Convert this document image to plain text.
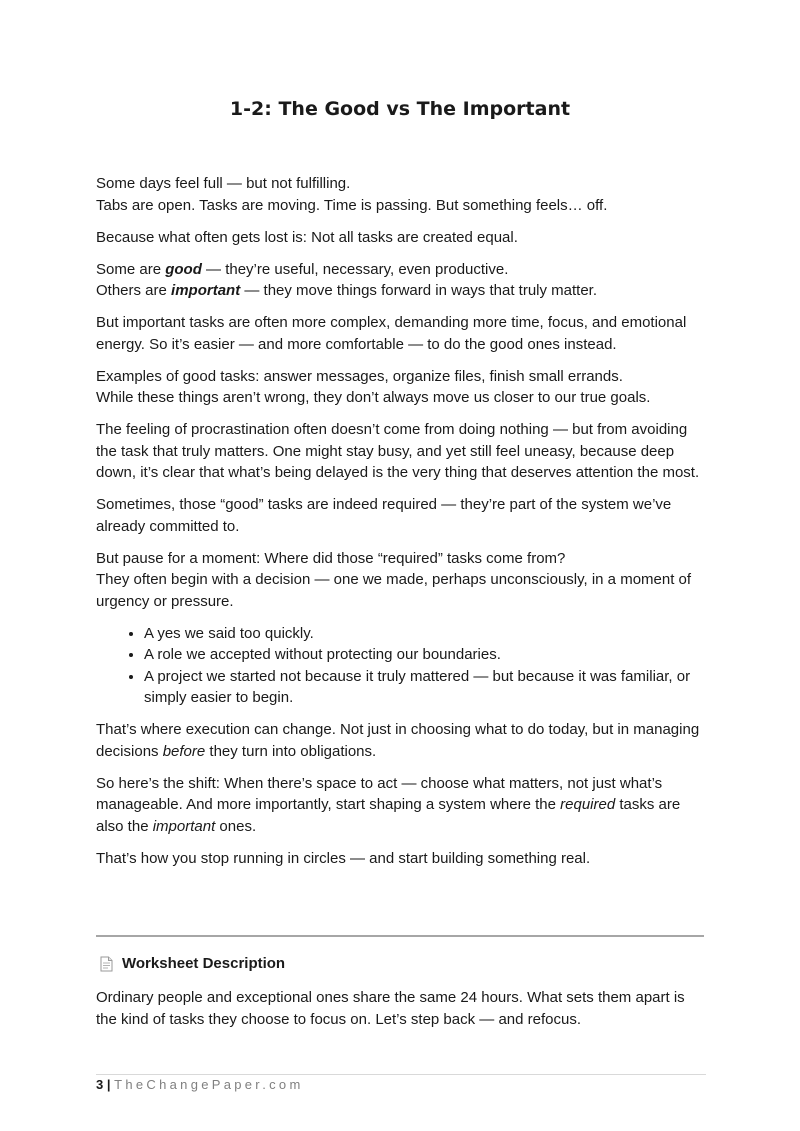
1-2: The Good vs The Important

Some days feel full — but not fulfilling.
Tabs are open. Tasks are moving. Time is passing. But something feels… off.

Because what often gets lost is: Not all tasks are created equal.

Some are good — they’re useful, necessary, even productive.
Others are important — they move things forward in ways that truly matter.

But important tasks are often more complex, demanding more time, focus, and emotional energy. So it’s easier — and more comfortable — to do the good ones instead.

Examples of good tasks: answer messages, organize files, finish small errands.
While these things aren’t wrong, they don’t always move us closer to our true goals.

The feeling of procrastination often doesn’t come from doing nothing — but from avoiding the task that truly matters. One might stay busy, and yet still feel uneasy, because deep down, it’s clear that what’s being delayed is the very thing that deserves attention the most.

Sometimes, those “good” tasks are indeed required — they’re part of the system we’ve already committed to.

But pause for a moment: Where did those “required” tasks come from?
They often begin with a decision — one we made, perhaps unconsciously, in a moment of urgency or pressure.

• A yes we said too quickly.
• A role we accepted without protecting our boundaries.
• A project we started not because it truly mattered — but because it was familiar, or simply easier to begin.

That’s where execution can change. Not just in choosing what to do today, but in managing decisions before they turn into obligations.

So here’s the shift: When there’s space to act — choose what matters, not just what’s manageable. And more importantly, start shaping a system where the required tasks are also the important ones.

That’s how you stop running in circles — and start building something real.

Worksheet Description

Ordinary people and exceptional ones share the same 24 hours. What sets them apart is the kind of tasks they choose to focus on. Let’s step back — and refocus.

3 | TheChangePaper.com
